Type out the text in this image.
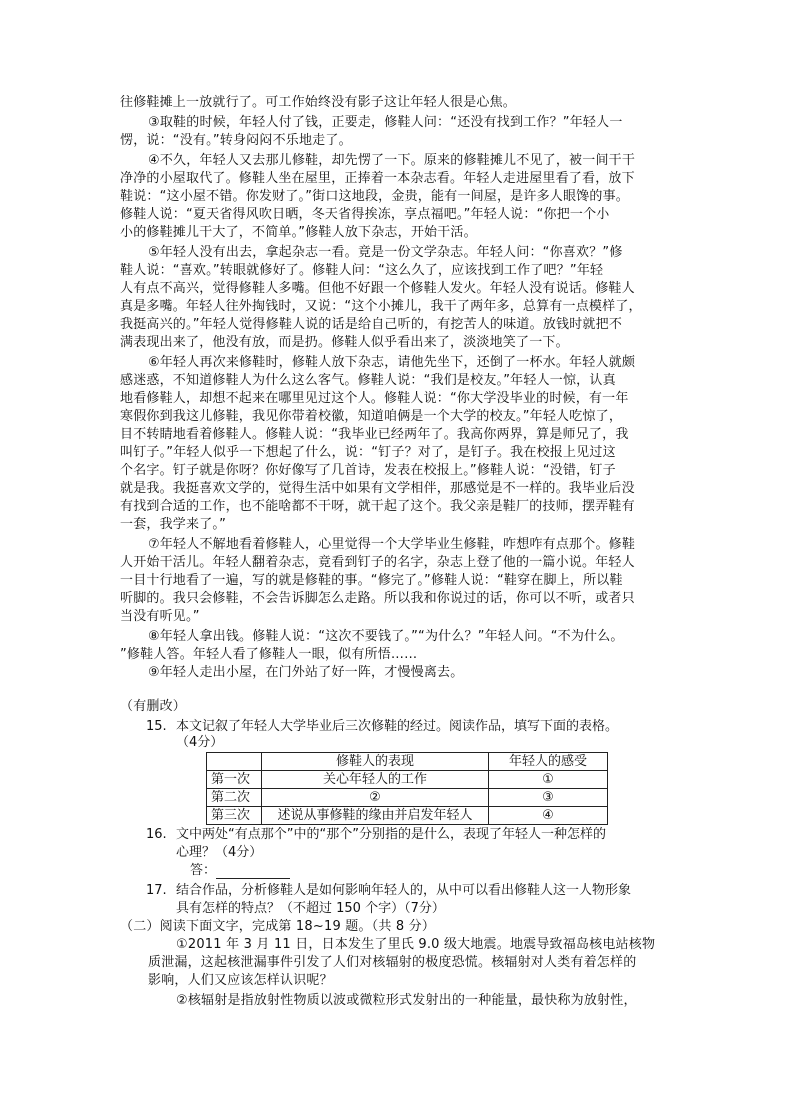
往修鞋摊上一放就行了。可工作始终没有影子这让年轻人很是心焦。
③取鞋的时候，年轻人付了钱，正要走，修鞋人问：“还没有找到工作？”年轻人一
愣，说：“没有。”转身闷闷不乐地走了。
④不久，年轻人又去那儿修鞋，却先愣了一下。原来的修鞋摊儿不见了，被一间干干
净净的小屋取代了。修鞋人坐在屋里，正捧着一本杂志看。年轻人走进屋里看了看，放下
鞋说：“这小屋不错。你发财了。”街口这地段，金贵，能有一间屋，是许多人眼馋的事。
修鞋人说：“夏天省得风吹日晒，冬天省得挨冻，享点福吧。”年轻人说：“你把一个小
小的修鞋摊儿干大了，不简单。”修鞋人放下杂志，开始干活。
⑤年轻人没有出去，拿起杂志一看。竟是一份文学杂志。年轻人问：“你喜欢？”修
鞋人说：“喜欢。”转眼就修好了。修鞋人问：“这么久了，应该找到工作了吧？”年轻
人有点不高兴，觉得修鞋人多嘴。但他不好跟一个修鞋人发火。年轻人没有说话。修鞋人
真是多嘴。年轻人往外掏钱时，又说：“这个小摊儿，我干了两年多，总算有一点模样了，
我挺高兴的。”年轻人觉得修鞋人说的话是给自己听的，有挖苦人的味道。放钱时就把不
满表现出来了，他没有放，而是扔。修鞋人似乎看出来了，淡淡地笑了一下。
⑥年轻人再次来修鞋时，修鞋人放下杂志，请他先坐下，还倒了一杯水。年轻人就颇
感迷惑，不知道修鞋人为什么这么客气。修鞋人说：“我们是校友。”年轻人一惊，认真
地看修鞋人，却想不起来在哪里见过这个人。修鞋人说：“你大学没毕业的时候，有一年
寒假你到我这儿修鞋，我见你带着校徽，知道咱俩是一个大学的校友。”年轻人吃惊了，
目不转睛地看着修鞋人。修鞋人说：“我毕业已经两年了。我高你两界，算是师兄了，我
叫钉子。”年轻人似乎一下想起了什么，说：“钉子？对了，是钉子。我在校报上见过这
个名字。钉子就是你呀？你好像写了几首诗，发表在校报上。”修鞋人说：“没错，钉子
就是我。我挺喜欢文学的，觉得生活中如果有文学相伴，那感觉是不一样的。我毕业后没
有找到合适的工作，也不能啥都不干呀，就干起了这个。我父亲是鞋厂的技师，摆弄鞋有
一套，我学来了。”
⑦年轻人不解地看着修鞋人，心里觉得一个大学毕业生修鞋，咋想咋有点那个。修鞋
人开始干活儿。年轻人翻着杂志，竟看到钉子的名字，杂志上登了他的一篇小说。年轻人
一目十行地看了一遍，写的就是修鞋的事。“修完了。”修鞋人说：“鞋穿在脚上，所以鞋
听脚的。我只会修鞋，不会告诉脚怎么走路。所以我和你说过的话，你可以不听，或者只
当没有听见。”
⑧年轻人拿出钱。修鞋人说：“这次不要钱了。”“为什么？”年轻人问。“不为什么。
”修鞋人答。年轻人看了修鞋人一眼，似有所悟……
⑨年轻人走出小屋，在门外站了好一阵，才慢慢离去。
（有删改）
15. 本文记叙了年轻人大学毕业后三次修鞋的经过。阅读作品，填写下面的表格。
（4分）
	修鞋人的表现	年轻人的感受
第一次	关心年轻人的工作	①
第二次	②	③
第三次	述说从事修鞋的缘由并启发年轻人	④
16. 文中两处“有点那个”中的“那个”分别指的是什么，表现了年轻人一种怎样的
心理？（4分）
答：
17. 结合作品，分析修鞋人是如何影响年轻人的，从中可以看出修鞋人这一人物形象
具有怎样的特点？（不超过 150 个字）（7分）
（二）阅读下面文字，完成第 18~19 题。（共 8 分）
①2011 年 3 月 11 日，日本发生了里氏 9.0 级大地震。地震导致福岛核电站核物
质泄漏，这起核泄漏事件引发了人们对核辐射的极度恐慌。核辐射对人类有着怎样的
影响，人们又应该怎样认识呢？
②核辐射是指放射性物质以波或微粒形式发射出的一种能量，最快称为放射性，
